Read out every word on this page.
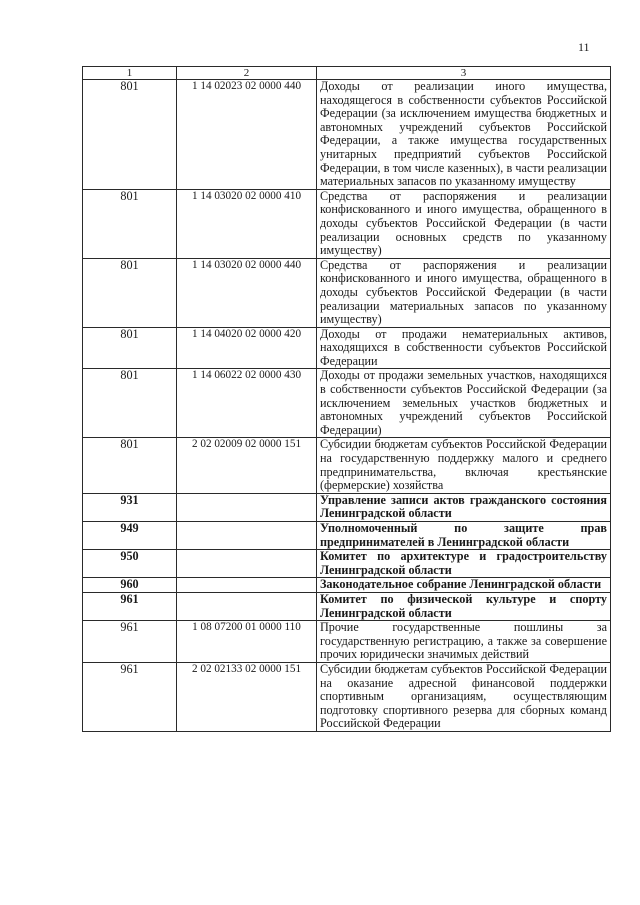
11
1	2	3
801	1 14 02023 02 0000 440	Доходы от реализации иного имущества, находящегося в собственности субъектов Российской Федерации (за исключением имущества бюджетных и автономных учреждений субъектов Российской Федерации, а также имущества государственных унитарных предприятий субъектов Российской Федерации, в том числе казенных), в части реализации материальных запасов по указанному имуществу
801	1 14 03020 02 0000 410	Средства от распоряжения и реализации конфискованного и иного имущества, обращенного в доходы субъектов Российской Федерации (в части реализации основных средств по указанному имуществу)
801	1 14 03020 02 0000 440	Средства от распоряжения и реализации конфискованного и иного имущества, обращенного в доходы субъектов Российской Федерации (в части реализации материальных запасов по указанному имуществу)
801	1 14 04020 02 0000 420	Доходы от продажи нематериальных активов, находящихся в собственности субъектов Российской Федерации
801	1 14 06022 02 0000 430	Доходы от продажи земельных участков, находящихся в собственности субъектов Российской Федерации (за исключением земельных участков бюджетных и автономных учреждений субъектов Российской Федерации)
801	2 02 02009 02 0000 151	Субсидии бюджетам субъектов Российской Федерации на государственную поддержку малого и среднего предпринимательства, включая крестьянские (фермерские) хозяйства
931		Управление записи актов гражданского состояния Ленинградской области
949		Уполномоченный по защите прав предпринимателей в Ленинградской области
950		Комитет по архитектуре и градостроительству Ленинградской области
960		Законодательное собрание Ленинградской области
961		Комитет по физической культуре и спорту Ленинградской области
961	1 08 07200 01 0000 110	Прочие государственные пошлины за государственную регистрацию, а также за совершение прочих юридически значимых действий
961	2 02 02133 02 0000 151	Субсидии бюджетам субъектов Российской Федерации на оказание адресной финансовой поддержки спортивным организациям, осуществляющим подготовку спортивного резерва для сборных команд Российской Федерации
